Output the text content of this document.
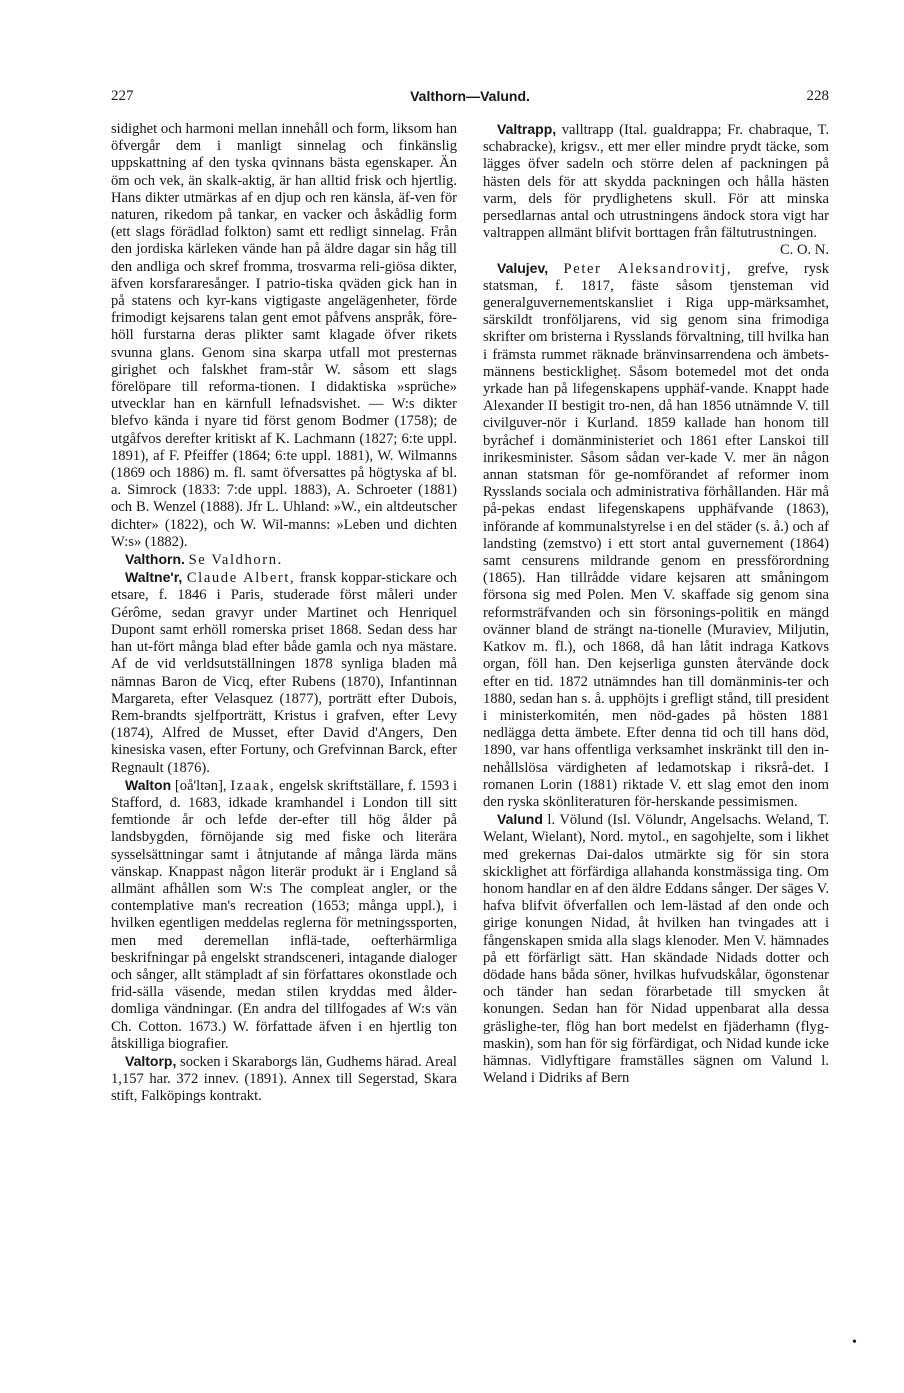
227	Valthorn—Valund.	228

sidighet och harmoni mellan innehåll och form, liksom han öfvergår dem i manligt sinnelag och finkänslig uppskattning af den tyska qvinnans bästa egenskaper. Än öm och vek, än skalk-aktig, är han alltid frisk och hjertlig. Hans dikter utmärkas af en djup och ren känsla, äf-ven för naturen, rikedom på tankar, en vacker och åskådlig form (ett slags förädlad folkton) samt ett redligt sinnelag. Från den jordiska kärleken vände han på äldre dagar sin håg till den andliga och skref fromma, trosvarma reli-giösa dikter, äfven korsfararesånger. I patrio-tiska qväden gick han in på statens och kyr-kans vigtigaste angelägenheter, förde frimodigt kejsarens talan gent emot påfvens anspråk, före-höll furstarna deras plikter samt klagade öfver rikets svunna glans. Genom sina skarpa utfall mot presternas girighet och falskhet fram-står W. såsom ett slags förelöpare till reforma-tionen. I didaktiska »sprüche» utvecklar han en kärnfull lefnadsvishet. — W:s dikter blefvo kända i nyare tid först genom Bodmer (1758); de utgåfvos derefter kritiskt af K. Lachmann (1827; 6:te uppl. 1891), af F. Pfeiffer (1864; 6:te uppl. 1881), W. Wilmanns (1869 och 1886) m. fl. samt öfversattes på högtyska af bl. a. Simrock (1833: 7:de uppl. 1883), A. Schroeter (1881) och B. Wenzel (1888). Jfr L. Uhland: »W., ein altdeutscher dichter» (1822), och W. Wil-manns: »Leben und dichten W:s» (1882).

Valthorn. Se Valdhorn.

Waltne'r, Claude Albert, fransk koppar-stickare och etsare, f. 1846 i Paris, studerade först måleri under Gérôme, sedan gravyr under Martinet och Henriquel Dupont samt erhöll romerska priset 1868. Sedan dess har han ut-fört många blad efter både gamla och nya mästare. Af de vid verldsutställningen 1878 synliga bladen må nämnas Baron de Vicq, efter Rubens (1870), Infantinnan Margareta, efter Velasquez (1877), porträtt efter Dubois, Rem-brandts sjelfporträtt, Kristus i grafven, efter Levy (1874), Alfred de Musset, efter David d'Angers, Den kinesiska vasen, efter Fortuny, och Grefvinnan Barck, efter Regnault (1876).

Walton [oå'ltən], Izaak, engelsk skriftställare, f. 1593 i Stafford, d. 1683, idkade kramhandel i London till sitt femtionde år och lefde der-efter till hög ålder på landsbygden, förnöjande sig med fiske och literära sysselsättningar samt i åtnjutande af många lärda mäns vänskap. Knappast någon literär produkt är i England så allmänt afhållen som W:s The compleat angler, or the contemplative man's recreation (1653; många uppl.), i hvilken egentligen meddelas reglerna för metningssporten, men med deremellan inflä-tade, oefterhärmliga beskrifningar på engelskt strandsceneri, intagande dialoger och sånger, allt stämpladt af sin författares okonstlade och frid-sälla väsende, medan stilen kryddas med ålder-domliga vändningar. (En andra del tillfogades af W:s vän Ch. Cotton. 1673.) W. författade äfven i en hjertlig ton åtskilliga biografier.

Valtorp, socken i Skaraborgs län, Gudhems härad. Areal 1,157 har. 372 innev. (1891). Annex till Segerstad, Skara stift, Falköpings kontrakt.

Valtrapp, valltrapp (Ital. gualdrappa; Fr. chabraque, T. schabracke), krigsv., ett mer eller mindre prydt täcke, som lägges öfver sadeln och större delen af packningen på hästen dels för att skydda packningen och hålla hästen varm, dels för prydlighetens skull. För att minska persedlarnas antal och utrustningens ändock stora vigt har valtrappen allmänt blifvit borttagen från fältutrustningen.
C. O. N.

Valujev, Peter Aleksandrovitj, grefve, rysk statsman, f. 1817, fäste såsom tjensteman vid generalguvernementskansliet i Riga upp-märksamhet, särskildt tronföljarens, vid sig genom sina frimodiga skrifter om bristerna i Rysslands förvaltning, till hvilka han i främsta rummet räknade bränvinsarrendena och ämbets-männens bestickligheṭ. Såsom botemedel mot det onda yrkade han på lifegenskapens upphäf-vande. Knappt hade Alexander II bestigit tro-nen, då han 1856 utnämnde V. till civilguver-nör i Kurland. 1859 kallade han honom till byråchef i domänministeriet och 1861 efter Lanskoi till inrikesminister. Såsom sådan ver-kade V. mer än någon annan statsman för ge-nomförandet af reformer inom Rysslands sociala och administrativa förhållanden. Här må på-pekas endast lifegenskapens upphäfvande (1863), införande af kommunalstyrelse i en del städer (s. å.) och af landsting (zemstvo) i ett stort antal guvernement (1864) samt censurens mildrande genom en pressförordning (1865). Han tillrådde vidare kejsaren att småningom försona sig med Polen. Men V. skaffade sig genom sina reformsträfvanden och sin försonings-politik en mängd ovänner bland de strängt na-tionelle (Muraviev, Miljutin, Katkov m. fl.), och 1868, då han låtit indraga Katkovs organ, föll han. Den kejserliga gunsten återvände dock efter en tid. 1872 utnämndes han till domänminis-ter och 1880, sedan han s. å. upphöjts i grefligt stånd, till president i ministerkomitén, men nöd-gades på hösten 1881 nedlägga detta ämbete. Efter denna tid och till hans död, 1890, var hans offentliga verksamhet inskränkt till den in-nehållslösa värdigheten af ledamotskap i riksrå-det. I romanen Lorin (1881) riktade V. ett slag emot den inom den ryska skönliteraturen för-herskande pessimismen.

Valund l. Völund (Isl. Völundr, Angelsachs. Weland, T. Welant, Wielant), Nord. mytol., en sagohjelte, som i likhet med grekernas Dai-dalos utmärkte sig för sin stora skicklighet att förfärdiga allahanda konstmässiga ting. Om honom handlar en af den äldre Eddans sånger. Der säges V. hafva blifvit öfverfallen och lem-lästad af den onde och girige konungen Nidad, åt hvilken han tvingades att i fångenskapen smida alla slags klenoder. Men V. hämnades på ett förfärligt sätt. Han skändade Nidads dotter och dödade hans båda söner, hvilkas hufvudskålar, ögonstenar och tänder han sedan förarbetade till smycken åt konungen. Sedan han för Nidad uppenbarat alla dessa gräslighe-ter, flög han bort medelst en fjäderhamn (flyg-maskin), som han för sig förfärdigat, och Nidad kunde icke hämnas. Vidlyftigare framställes sägnen om Valund l. Weland i Didriks af Bern

•
